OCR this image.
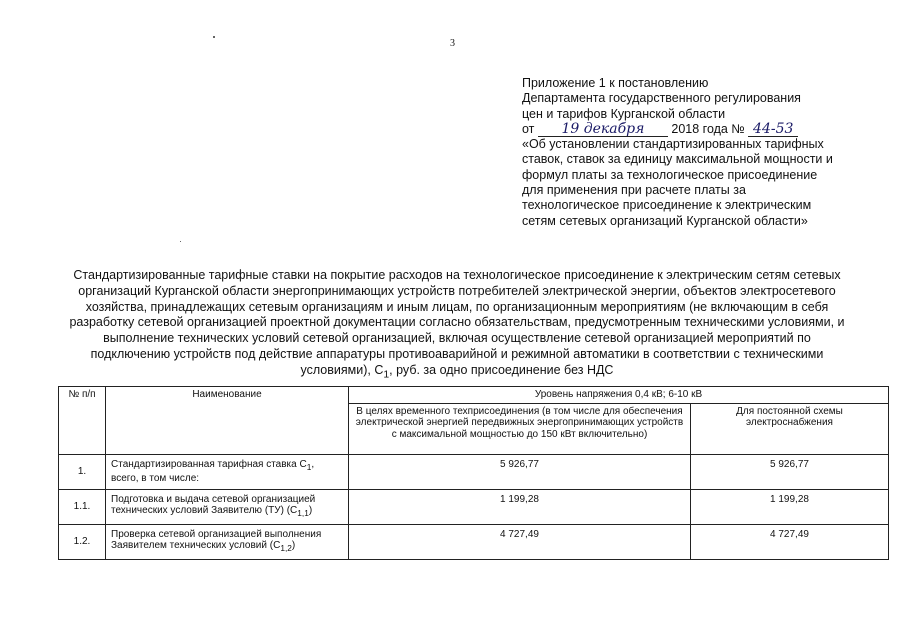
3
Приложение 1 к постановлению
Департамента государственного регулирования
цен и тарифов Курганской области
от 19 декабря 2018 года № 44-53
«Об установлении стандартизированных тарифных
ставок, ставок за единицу максимальной мощности и
формул платы за технологическое присоединение
для применения при расчете платы за
технологическое присоединение к электрическим
сетям сетевых организаций Курганской области»
Стандартизированные тарифные ставки на покрытие расходов на технологическое присоединение к электрическим сетям сетевых организаций Курганской области энергопринимающих устройств потребителей электрической энергии, объектов электросетевого хозяйства, принадлежащих сетевым организациям и иным лицам, по организационным мероприятиям (не включающим в себя разработку сетевой организацией проектной документации согласно обязательствам, предусмотренным техническими условиями, и выполнение технических условий сетевой организацией, включая осуществление сетевой организацией мероприятий по подключению устройств под действие аппаратуры противоаварийной и режимной автоматики в соответствии с техническими условиями), $С_1$, руб. за одно присоединение без НДС
№ п/п	Наименование	Уровень напряжения 0,4 кВ; 6-10 кВ	
		В целях временного техприсоединения (в том числе для обеспечения электрической энергией передвижных энергопринимающих устройств с максимальной мощностью до 150 кВт включительно)	Для постоянной схемы электроснабжения
1.	Стандартизированная тарифная ставка $С_1$, всего, в том числе:	5 926,77	5 926,77
1.1.	Подготовка и выдача сетевой организацией технических условий Заявителю (ТУ) $(С_{1,1})$	1 199,28	1 199,28
1.2.	Проверка сетевой организацией выполнения Заявителем технических условий $(С_{1,2})$	4 727,49	4 727,49
